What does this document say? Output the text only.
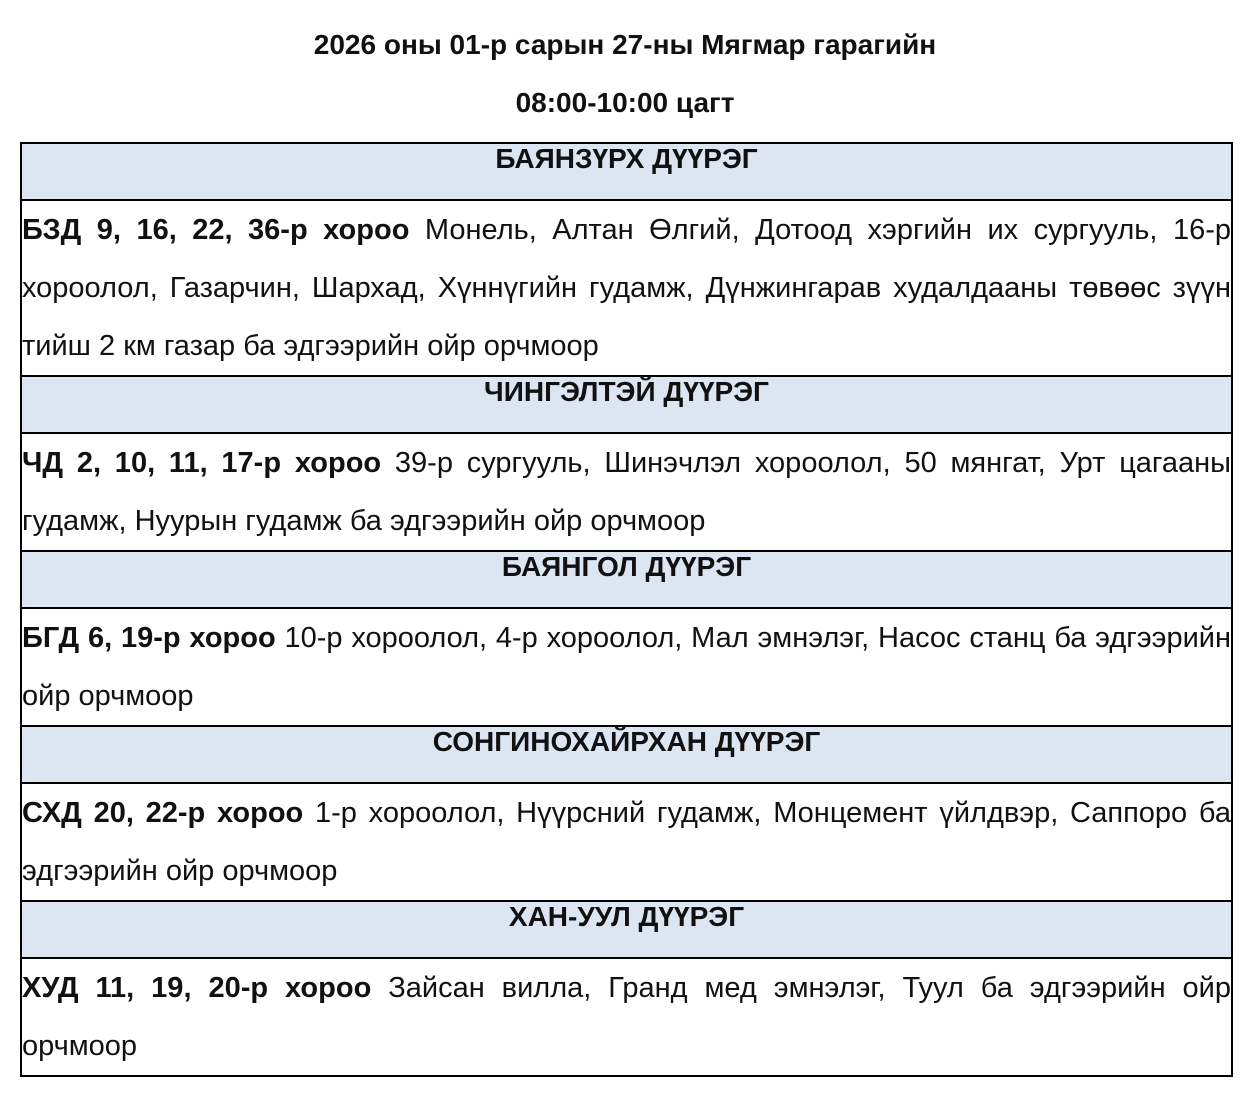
2026 оны 01-р сарын 27-ны Мягмар гарагийн
08:00-10:00 цагт
БАЯНЗҮРХ ДҮҮРЭГ
БЗД 9, 16, 22, 36-р хороо Монель, Алтан Өлгий, Дотоод хэргийн их сургууль, 16-р хороолол, Газарчин, Шархад, Хүннүгийн гудамж, Дүнжингарав худалдааны төвөөс зүүн тийш 2 км газар ба эдгээрийн ойр орчмоор
ЧИНГЭЛТЭЙ ДҮҮРЭГ
ЧД 2, 10, 11, 17-р хороо 39-р сургууль, Шинэчлэл хороолол, 50 мянгат, Урт цагааны гудамж, Нуурын гудамж ба эдгээрийн ойр орчмоор
БАЯНГОЛ ДҮҮРЭГ
БГД 6, 19-р хороо 10-р хороолол, 4-р хороолол, Мал эмнэлэг, Насос станц ба эдгээрийн ойр орчмоор
СОНГИНОХАЙРХАН ДҮҮРЭГ
СХД 20, 22-р хороо 1-р хороолол, Нүүрсний гудамж, Монцемент үйлдвэр, Саппоро ба эдгээрийн ойр орчмоор
ХАН-УУЛ ДҮҮРЭГ
ХУД 11, 19, 20-р хороо Зайсан вилла, Гранд мед эмнэлэг, Туул ба эдгээрийн ойр орчмоор
